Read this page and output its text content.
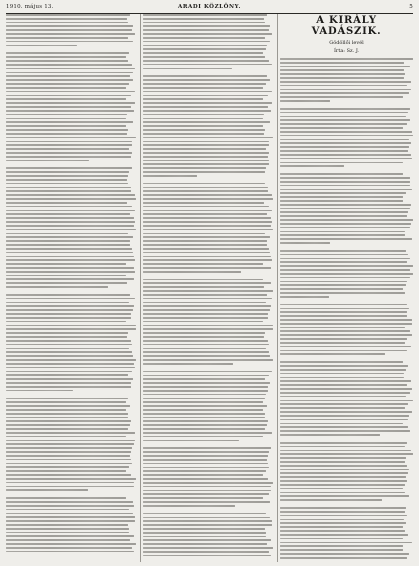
1910. május 13.	ARADI KÖZLÖNY.	5
A KIRÁLY VADÁSZIK.
Gödöllői levél
Írta: Sz. J.
